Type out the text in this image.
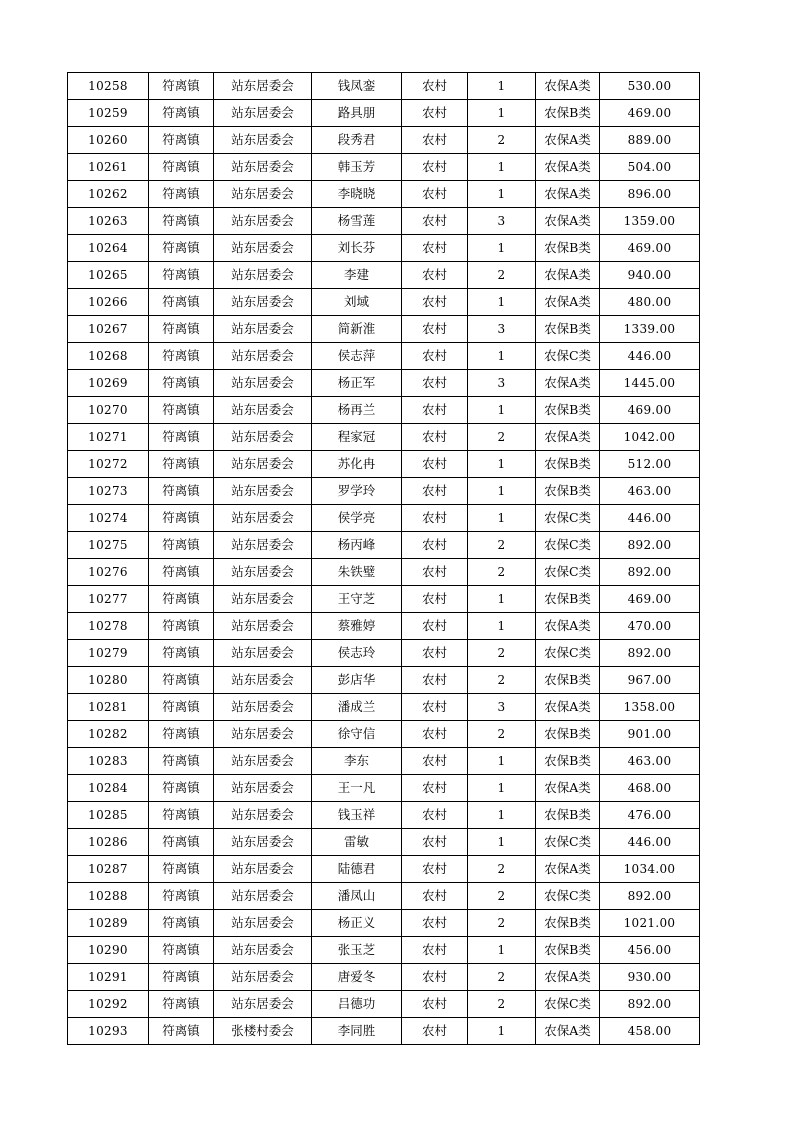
10258	符离镇	站东居委会	钱凤銮	农村	1	农保A类	530.00
10259	符离镇	站东居委会	路具朋	农村	1	农保B类	469.00
10260	符离镇	站东居委会	段秀君	农村	2	农保A类	889.00
10261	符离镇	站东居委会	韩玉芳	农村	1	农保A类	504.00
10262	符离镇	站东居委会	李晓晓	农村	1	农保A类	896.00
10263	符离镇	站东居委会	杨雪莲	农村	3	农保A类	1359.00
10264	符离镇	站东居委会	刘长芬	农村	1	农保B类	469.00
10265	符离镇	站东居委会	李建	农村	2	农保A类	940.00
10266	符离镇	站东居委会	刘域	农村	1	农保A类	480.00
10267	符离镇	站东居委会	简新淮	农村	3	农保B类	1339.00
10268	符离镇	站东居委会	侯志萍	农村	1	农保C类	446.00
10269	符离镇	站东居委会	杨正军	农村	3	农保A类	1445.00
10270	符离镇	站东居委会	杨再兰	农村	1	农保B类	469.00
10271	符离镇	站东居委会	程家冠	农村	2	农保A类	1042.00
10272	符离镇	站东居委会	苏化冉	农村	1	农保B类	512.00
10273	符离镇	站东居委会	罗学玲	农村	1	农保B类	463.00
10274	符离镇	站东居委会	侯学亮	农村	1	农保C类	446.00
10275	符离镇	站东居委会	杨丙峰	农村	2	农保C类	892.00
10276	符离镇	站东居委会	朱铁璧	农村	2	农保C类	892.00
10277	符离镇	站东居委会	王守芝	农村	1	农保B类	469.00
10278	符离镇	站东居委会	蔡雅婷	农村	1	农保A类	470.00
10279	符离镇	站东居委会	侯志玲	农村	2	农保C类	892.00
10280	符离镇	站东居委会	彭店华	农村	2	农保B类	967.00
10281	符离镇	站东居委会	潘成兰	农村	3	农保A类	1358.00
10282	符离镇	站东居委会	徐守信	农村	2	农保B类	901.00
10283	符离镇	站东居委会	李东	农村	1	农保B类	463.00
10284	符离镇	站东居委会	王一凡	农村	1	农保A类	468.00
10285	符离镇	站东居委会	钱玉祥	农村	1	农保B类	476.00
10286	符离镇	站东居委会	雷敏	农村	1	农保C类	446.00
10287	符离镇	站东居委会	陆德君	农村	2	农保A类	1034.00
10288	符离镇	站东居委会	潘凤山	农村	2	农保C类	892.00
10289	符离镇	站东居委会	杨正义	农村	2	农保B类	1021.00
10290	符离镇	站东居委会	张玉芝	农村	1	农保B类	456.00
10291	符离镇	站东居委会	唐爱冬	农村	2	农保A类	930.00
10292	符离镇	站东居委会	吕德功	农村	2	农保C类	892.00
10293	符离镇	张楼村委会	李同胜	农村	1	农保A类	458.00
